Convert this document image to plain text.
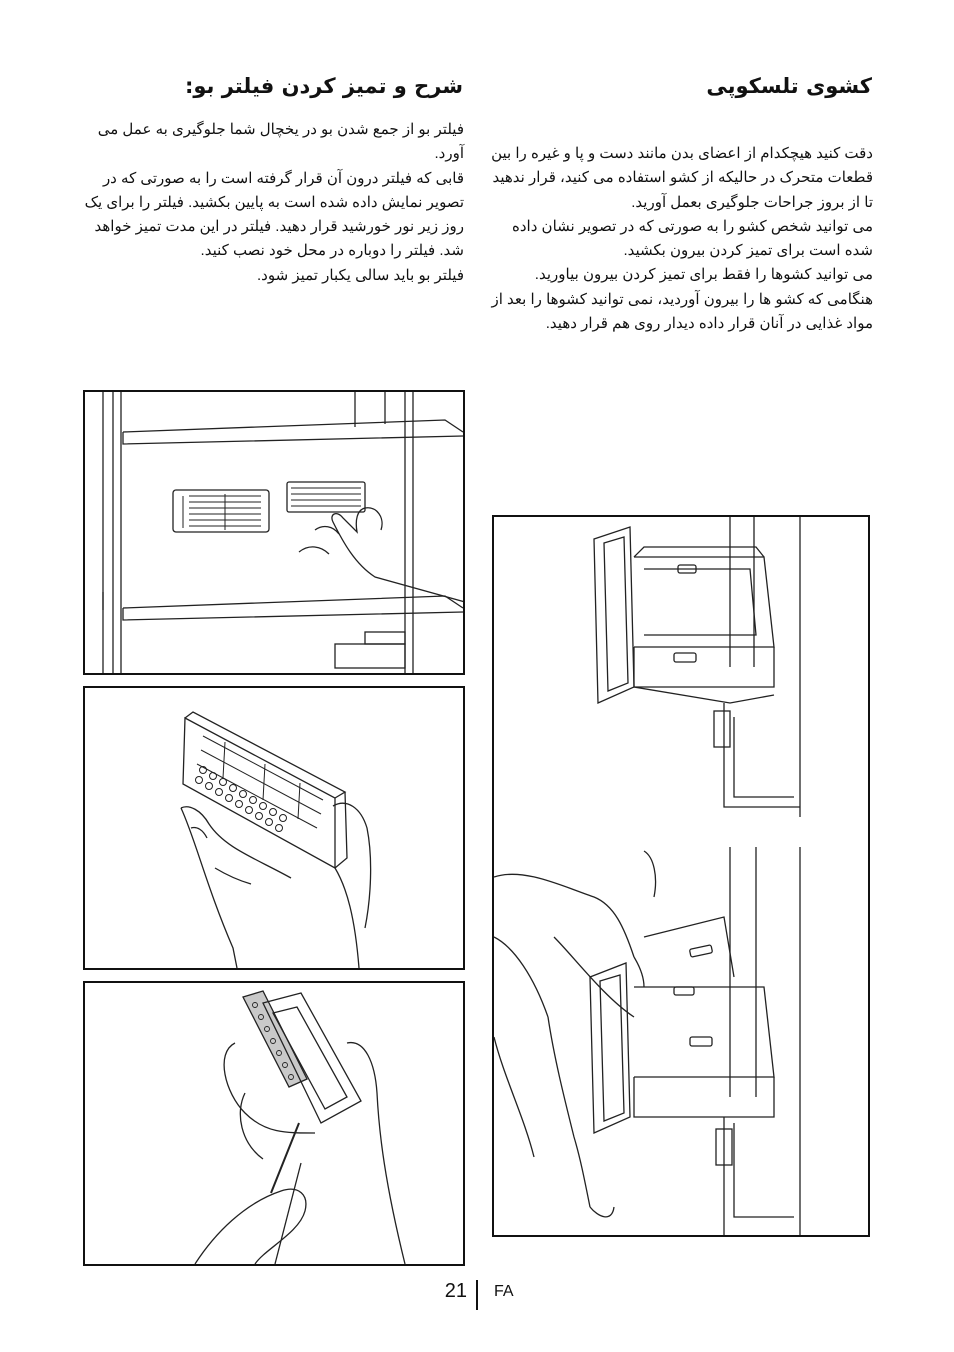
شرح و تمیز کردن فیلتر بو:	کشوی تلسکوپی
فیلتر بو از جمع شدن بو در یخچال شما جلوگیری به عمل می آورد.
قابی که فیلتر درون آن قرار گرفته است را به صورتی که در تصویر نمایش داده شده است به پایین بکشید. فیلتر را برای یک روز زیر نور خورشید قرار دهید. فیلتر در این مدت تمیز خواهد شد. فیلتر را دوباره در محل خود نصب کنید.
فیلتر بو باید سالی یکبار تمیز شود.
دقت کنید هیچکدام از اعضای بدن مانند دست و پا و غیره را بین قطعات متحرک در حالیکه از کشو استفاده می کنید، قرار ندهید تا از بروز جراحات جلوگیری بعمل آورید.
می توانید شخص کشو را به صورتی که در تصویر نشان داده شده است برای تمیز کردن بیرون بکشید.
می توانید کشوها را فقط برای تمیز کردن بیرون بیاورید. هنگامی که کشو ها را بیرون آوردید، نمی توانید کشوها را بعد از مواد غذایی در آنان قرار داده دیدار روی هم قرار دهید.
21 FA
